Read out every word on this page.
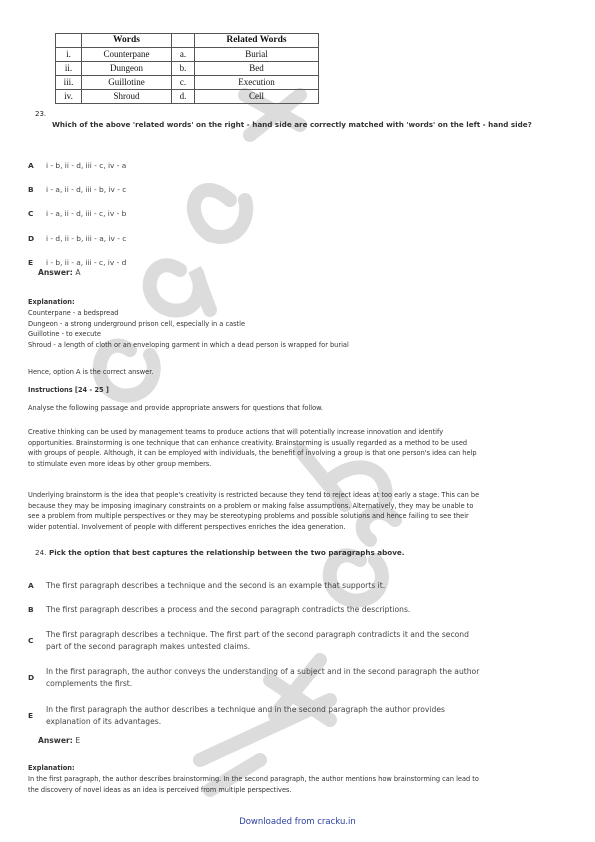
	Words		Related Words
i.	Counterpane	a.	Burial
ii.	Dungeon	b.	Bed
iii.	Guillotine	c.	Execution
iv.	Shroud	d.	Cell
23.
Which of the above 'related words' on the right - hand side are correctly matched with 'words' on the left - hand side?
A i - b, ii - d, iii - c, iv - a
B i - a, ii - d, iii - b, iv - c
C i - a, ii - d, iii - c, iv - b
D i - d, ii - b, iii - a, iv - c
E i - b, ii - a, iii - c, iv - d
Answer: A
Explanation:
Counterpane - a bedspread
Dungeon - a strong underground prison cell, especially in a castle
Guillotine - to execute
Shroud - a length of cloth or an enveloping garment in which a dead person is wrapped for burial
Hence, option A is the correct answer.
Instructions [24 - 25 ]
Analyse the following passage and provide appropriate answers for questions that follow.
Creative thinking can be used by management teams to produce actions that will potentially increase innovation and identify
opportunities. Brainstorming is one technique that can enhance creativity. Brainstorming is usually regarded as a method to be used
with groups of people. Although, it can be employed with individuals, the benefit of involving a group is that one person's idea can help
to stimulate even more ideas by other group members.
Underlying brainstorm is the idea that people's creativity is restricted because they tend to reject ideas at too early a stage. This can be
because they may be imposing imaginary constraints on a problem or making false assumptions. Alternatively, they may be unable to
see a problem from multiple perspectives or they may be stereotyping problems and possible solutions and hence failing to see their
wider potential. Involvement of people with different perspectives enriches the idea generation.
24. Pick the option that best captures the relationship between the two paragraphs above.
A	The first paragraph describes a technique and the second is an example that supports it.
B	The first paragraph describes a process and the second paragraph contradicts the descriptions.
C
The first paragraph describes a technique. The first part of the second paragraph contradicts it and the second
part of the second paragraph makes untested claims.
D
In the first paragraph, the author conveys the understanding of a subject and in the second paragraph the author
complements the first.
E
In the first paragraph the author describes a technique and in the second paragraph the author provides
explanation of its advantages.
Answer: E
Explanation:
In the first paragraph, the author describes brainstorming. In the second paragraph, the author mentions how brainstorming can lead to
the discovery of novel ideas as an idea is perceived from multiple perspectives.
Downloaded from cracku.in
